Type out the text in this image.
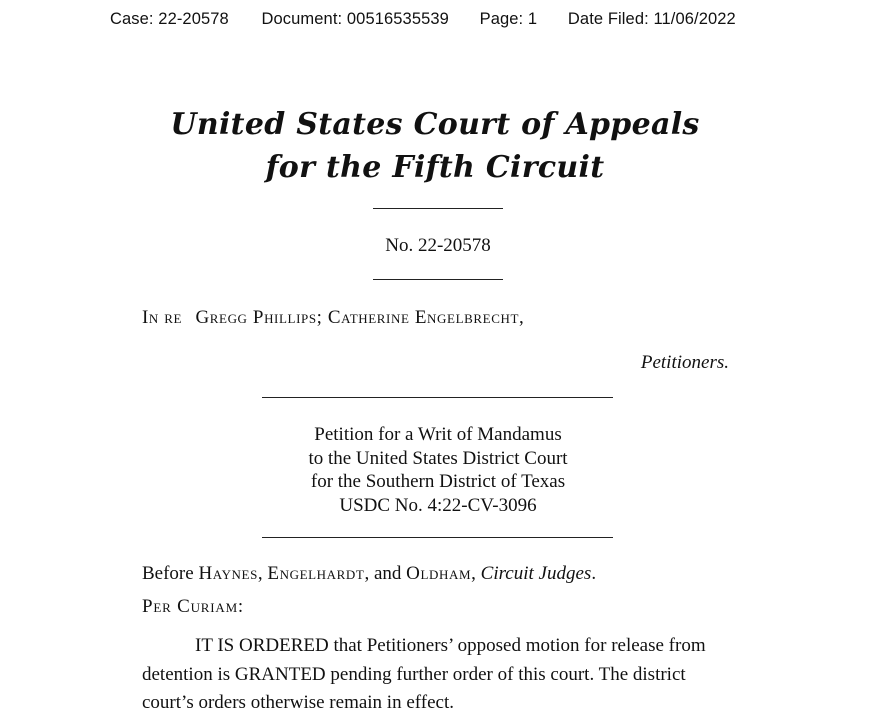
Case: 22-20578 Document: 00516535539 Page: 1 Date Filed: 11/06/2022
United States Court of Appeals
for the Fifth Circuit
No. 22-20578
In re Gregg Phillips; Catherine Engelbrecht,
Petitioners.
Petition for a Writ of Mandamus
to the United States District Court
for the Southern District of Texas
USDC No. 4:22-CV-3096
Before Haynes, Engelhardt, and Oldham, Circuit Judges.
Per Curiam:
IT IS ORDERED that Petitioners’ opposed motion for release from
detention is GRANTED pending further order of this court. The district
court’s orders otherwise remain in effect.
